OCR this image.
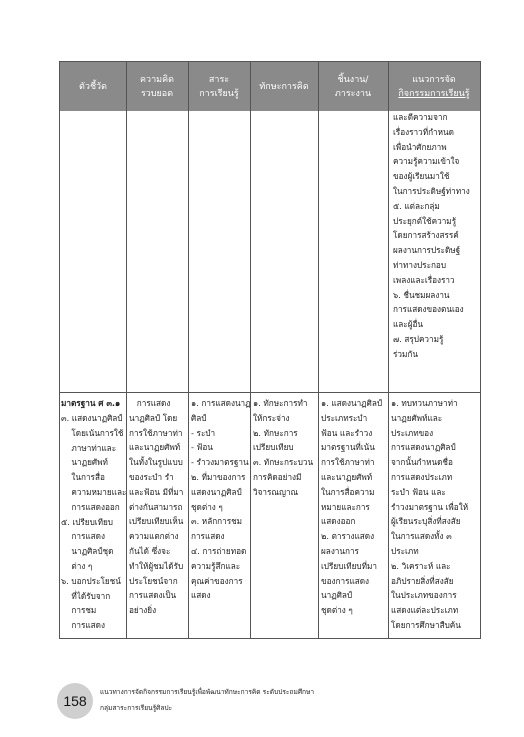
ตัวชี้วัด
ความคิด
รวบยอด
สาระ
การเรียนรู้
ทักษะการคิด
ชิ้นงาน/
ภาระงาน
แนวการจัด
กิจกรรมการเรียนรู้
และดีความจาก
เรื่องราวที่กำหนด
เพื่อนำศักยภาพ
ความรู้ความเข้าใจ
ของผู้เรียนมาใช้
ในการประดิษฐ์ท่าทาง
๕. แต่ละกลุ่ม
ประยุกต์ใช้ความรู้
โดยการสร้างสรรค์
ผลงานการประดิษฐ์
ท่าทางประกอบ
เพลงและเรื่องราว
๖. ชื่นชมผลงาน
การแสดงของตนเอง
และผู้อื่น
๗. สรุปความรู้
ร่วมกัน
มาตรฐาน ศ ๓.๑
๓. แสดงนาฏศิลป์
โดยเน้นการใช้
ภาษาท่าและ
นาฏยศัพท์
ในการสื่อ
ความหมายและ
การแสดงออก
๕. เปรียบเทียบ
การแสดง
นาฏศิลป์ชุด
ต่าง ๆ
๖. บอกประโยชน์
ที่ได้รับจาก
การชม
การแสดง
การแสดง
นาฏศิลป์ โดย
การใช้ภาษาท่า
และนาฏยศัพท์
ในทั้งในรูปแบบ
ของระบำ รำ
และฟ้อน มีที่มา
ต่างกันสามารถ
เปรียบเทียบเห็น
ความแตกต่าง
กันได้ ซึ่งจะ
ทำให้ผู้ชมได้รับ
ประโยชน์จาก
การแสดงเป็น
อย่างยิ่ง
๑. การแสดงนาฏ
ศิลป์
- ระบำ
- ฟ้อน
- รำวงมาตรฐาน
๒. ที่มาของการ
แสดงนาฏศิลป์
ชุดต่าง ๆ
๓. หลักการชม
การแสดง
๔. การถ่ายทอด
ความรู้สึกและ
คุณค่าของการ
แสดง
๑. ทักษะการทำ
ให้กระจ่าง
๒. ทักษะการ
เปรียบเทียบ
๓. ทักษะกระบวน
การคิดอย่างมี
วิจารณญาณ
๑. แสดงนาฏศิลป์
ประเภทระบำ
ฟ้อน และรำวง
มาตรฐานที่เน้น
การใช้ภาษาท่า
และนาฏยศัพท์
ในการสื่อความ
หมายและการ
แสดงออก
๒. ตารางแสดง
ผลงานการ
เปรียบเทียบที่มา
ของการแสดง
นาฏศิลป์
ชุดต่าง ๆ
๑. ทบทวนภาษาท่า
นาฏยศัพท์และ
ประเภทของ
การแสดงนาฏศิลป์
จากนั้นกำหนดชื่อ
การแสดงประเภท
ระบำ ฟ้อน และ
รำวงมาตรฐาน เพื่อให้
ผู้เรียนระบุสิ่งที่สงสัย
ในการแสดงทั้ง ๓
ประเภท
๒. วิเคราะห์ และ
อภิปรายสิ่งที่สงสัย
ในประเภทของการ
แสดงแต่ละประเภท
โดยการศึกษาสืบค้น
158
แนวทางการจัดกิจกรรมการเรียนรู้เพื่อพัฒนาทักษะการคิด ระดับประถมศึกษา
กลุ่มสาระการเรียนรู้ศิลปะ
